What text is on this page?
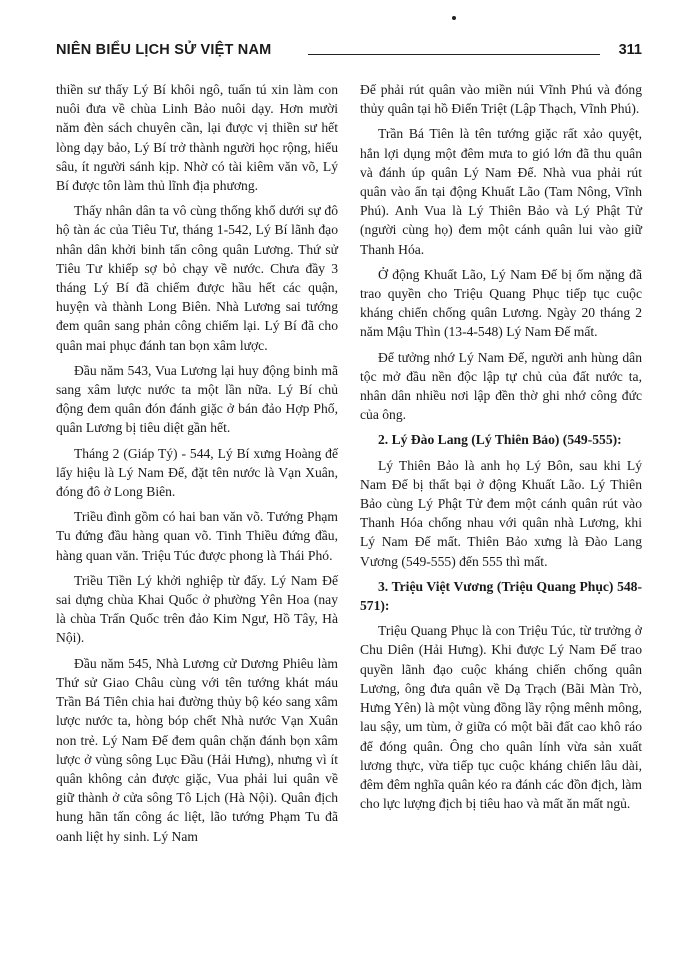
NIÊN BIỂU LỊCH SỬ VIỆT NAM	311

thiền sư thấy Lý Bí khôi ngô, tuấn tú xin làm con nuôi đưa về chùa Linh Bảo nuôi dạy. Hơn mười năm đèn sách chuyên cần, lại được vị thiền sư hết lòng dạy bảo, Lý Bí trở thành người học rộng, hiểu sâu, ít người sánh kịp. Nhờ có tài kiêm văn võ, Lý Bí được tôn làm thủ lĩnh địa phương.

Thấy nhân dân ta vô cùng thống khổ dưới sự đô hộ tàn ác của Tiêu Tư, tháng 1-542, Lý Bí lãnh đạo nhân dân khởi binh tấn công quân Lương. Thứ sử Tiêu Tư khiếp sợ bỏ chạy về nước. Chưa đầy 3 tháng Lý Bí đã chiếm được hầu hết các quận, huyện và thành Long Biên. Nhà Lương sai tướng đem quân sang phản công chiếm lại. Lý Bí đã cho quân mai phục đánh tan bọn xâm lược.

Đầu năm 543, Vua Lương lại huy động binh mã sang xâm lược nước ta một lần nữa. Lý Bí chủ động đem quân đón đánh giặc ở bán đảo Hợp Phố, quân Lương bị tiêu diệt gần hết.

Tháng 2 (Giáp Tý) - 544, Lý Bí xưng Hoàng đế lấy hiệu là Lý Nam Đế, đặt tên nước là Vạn Xuân, đóng đô ở Long Biên.

Triều đình gồm có hai ban văn võ. Tướng Phạm Tu đứng đầu hàng quan võ. Tinh Thiều đứng đầu, hàng quan văn. Triệu Túc được phong là Thái Phó.

Triều Tiền Lý khởi nghiệp từ đấy. Lý Nam Đế sai dựng chùa Khai Quốc ở phường Yên Hoa (nay là chùa Trấn Quốc trên đảo Kim Ngư, Hồ Tây, Hà Nội).

Đầu năm 545, Nhà Lương cử Dương Phiêu làm Thứ sử Giao Châu cùng với tên tướng khát máu Trần Bá Tiên chia hai đường thủy bộ kéo sang xâm lược nước ta, hòng bóp chết Nhà nước Vạn Xuân non trẻ. Lý Nam Đế đem quân chặn đánh bọn xâm lược ở vùng sông Lục Đầu (Hải Hưng), nhưng vì ít quân không cản được giặc, Vua phải lui quân về giữ thành ở cửa sông Tô Lịch (Hà Nội). Quân địch hung hãn tấn công ác liệt, lão tướng Phạm Tu đã oanh liệt hy sinh. Lý Nam

Đế phải rút quân vào miền núi Vĩnh Phú và đóng thủy quân tại hồ Điển Triệt (Lập Thạch, Vĩnh Phú).

Trần Bá Tiên là tên tướng giặc rất xảo quyệt, hắn lợi dụng một đêm mưa to gió lớn đã thu quân và đánh úp quân Lý Nam Đế. Nhà vua phải rút quân vào ẩn tại động Khuất Lão (Tam Nông, Vĩnh Phú). Anh Vua là Lý Thiên Bảo và Lý Phật Tử (người cùng họ) đem một cánh quân lui vào giữ Thanh Hóa.

Ở động Khuất Lão, Lý Nam Đế bị ốm nặng đã trao quyền cho Triệu Quang Phục tiếp tục cuộc kháng chiến chống quân Lương. Ngày 20 tháng 2 năm Mậu Thìn (13-4-548) Lý Nam Đế mất.

Để tưởng nhớ Lý Nam Đế, người anh hùng dân tộc mở đầu nền độc lập tự chủ của đất nước ta, nhân dân nhiều nơi lập đền thờ ghi nhớ công đức của ông.

2. Lý Đào Lang (Lý Thiên Bảo) (549-555):

Lý Thiên Bảo là anh họ Lý Bôn, sau khi Lý Nam Đế bị thất bại ở động Khuất Lão. Lý Thiên Bảo cùng Lý Phật Tử đem một cánh quân rút vào Thanh Hóa chống nhau với quân nhà Lương, khi Lý Nam Đế mất. Thiên Bảo xưng là Đào Lang Vương (549-555) đến 555 thì mất.

3. Triệu Việt Vương (Triệu Quang Phục) 548-571):

Triệu Quang Phục là con Triệu Túc, từ trưởng ở Chu Diên (Hải Hưng). Khi được Lý Nam Đế trao quyền lãnh đạo cuộc kháng chiến chống quân Lương, ông đưa quân về Dạ Trạch (Bãi Màn Trò, Hưng Yên) là một vùng đồng lầy rộng mênh mông, lau sậy, um tùm, ở giữa có một bãi đất cao khô ráo để đóng quân. Ông cho quân lính vừa sản xuất lương thực, vừa tiếp tục cuộc kháng chiến lâu dài, đêm đêm nghĩa quân kéo ra đánh các đồn địch, làm cho lực lượng địch bị tiêu hao và mất ăn mất ngủ.
